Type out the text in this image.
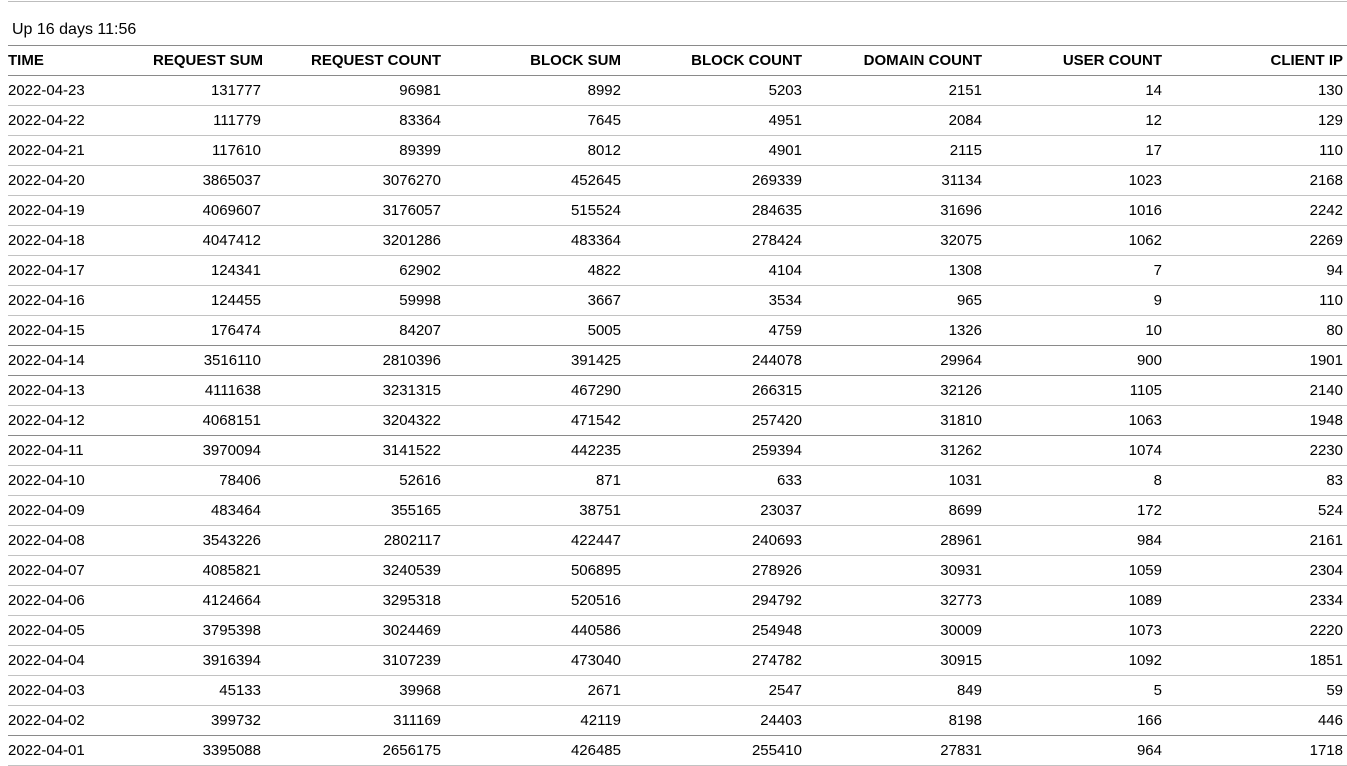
Up 16 days 11:56
TIME	REQUEST SUM	REQUEST COUNT	BLOCK SUM	BLOCK COUNT	DOMAIN COUNT	USER COUNT	CLIENT IP
2022-04-23	131777	96981	8992	5203	2151	14	130
2022-04-22	111779	83364	7645	4951	2084	12	129
2022-04-21	117610	89399	8012	4901	2115	17	110
2022-04-20	3865037	3076270	452645	269339	31134	1023	2168
2022-04-19	4069607	3176057	515524	284635	31696	1016	2242
2022-04-18	4047412	3201286	483364	278424	32075	1062	2269
2022-04-17	124341	62902	4822	4104	1308	7	94
2022-04-16	124455	59998	3667	3534	965	9	110
2022-04-15	176474	84207	5005	4759	1326	10	80
2022-04-14	3516110	2810396	391425	244078	29964	900	1901
2022-04-13	4111638	3231315	467290	266315	32126	1105	2140
2022-04-12	4068151	3204322	471542	257420	31810	1063	1948
2022-04-11	3970094	3141522	442235	259394	31262	1074	2230
2022-04-10	78406	52616	871	633	1031	8	83
2022-04-09	483464	355165	38751	23037	8699	172	524
2022-04-08	3543226	2802117	422447	240693	28961	984	2161
2022-04-07	4085821	3240539	506895	278926	30931	1059	2304
2022-04-06	4124664	3295318	520516	294792	32773	1089	2334
2022-04-05	3795398	3024469	440586	254948	30009	1073	2220
2022-04-04	3916394	3107239	473040	274782	30915	1092	1851
2022-04-03	45133	39968	2671	2547	849	5	59
2022-04-02	399732	311169	42119	24403	8198	166	446
2022-04-01	3395088	2656175	426485	255410	27831	964	1718
